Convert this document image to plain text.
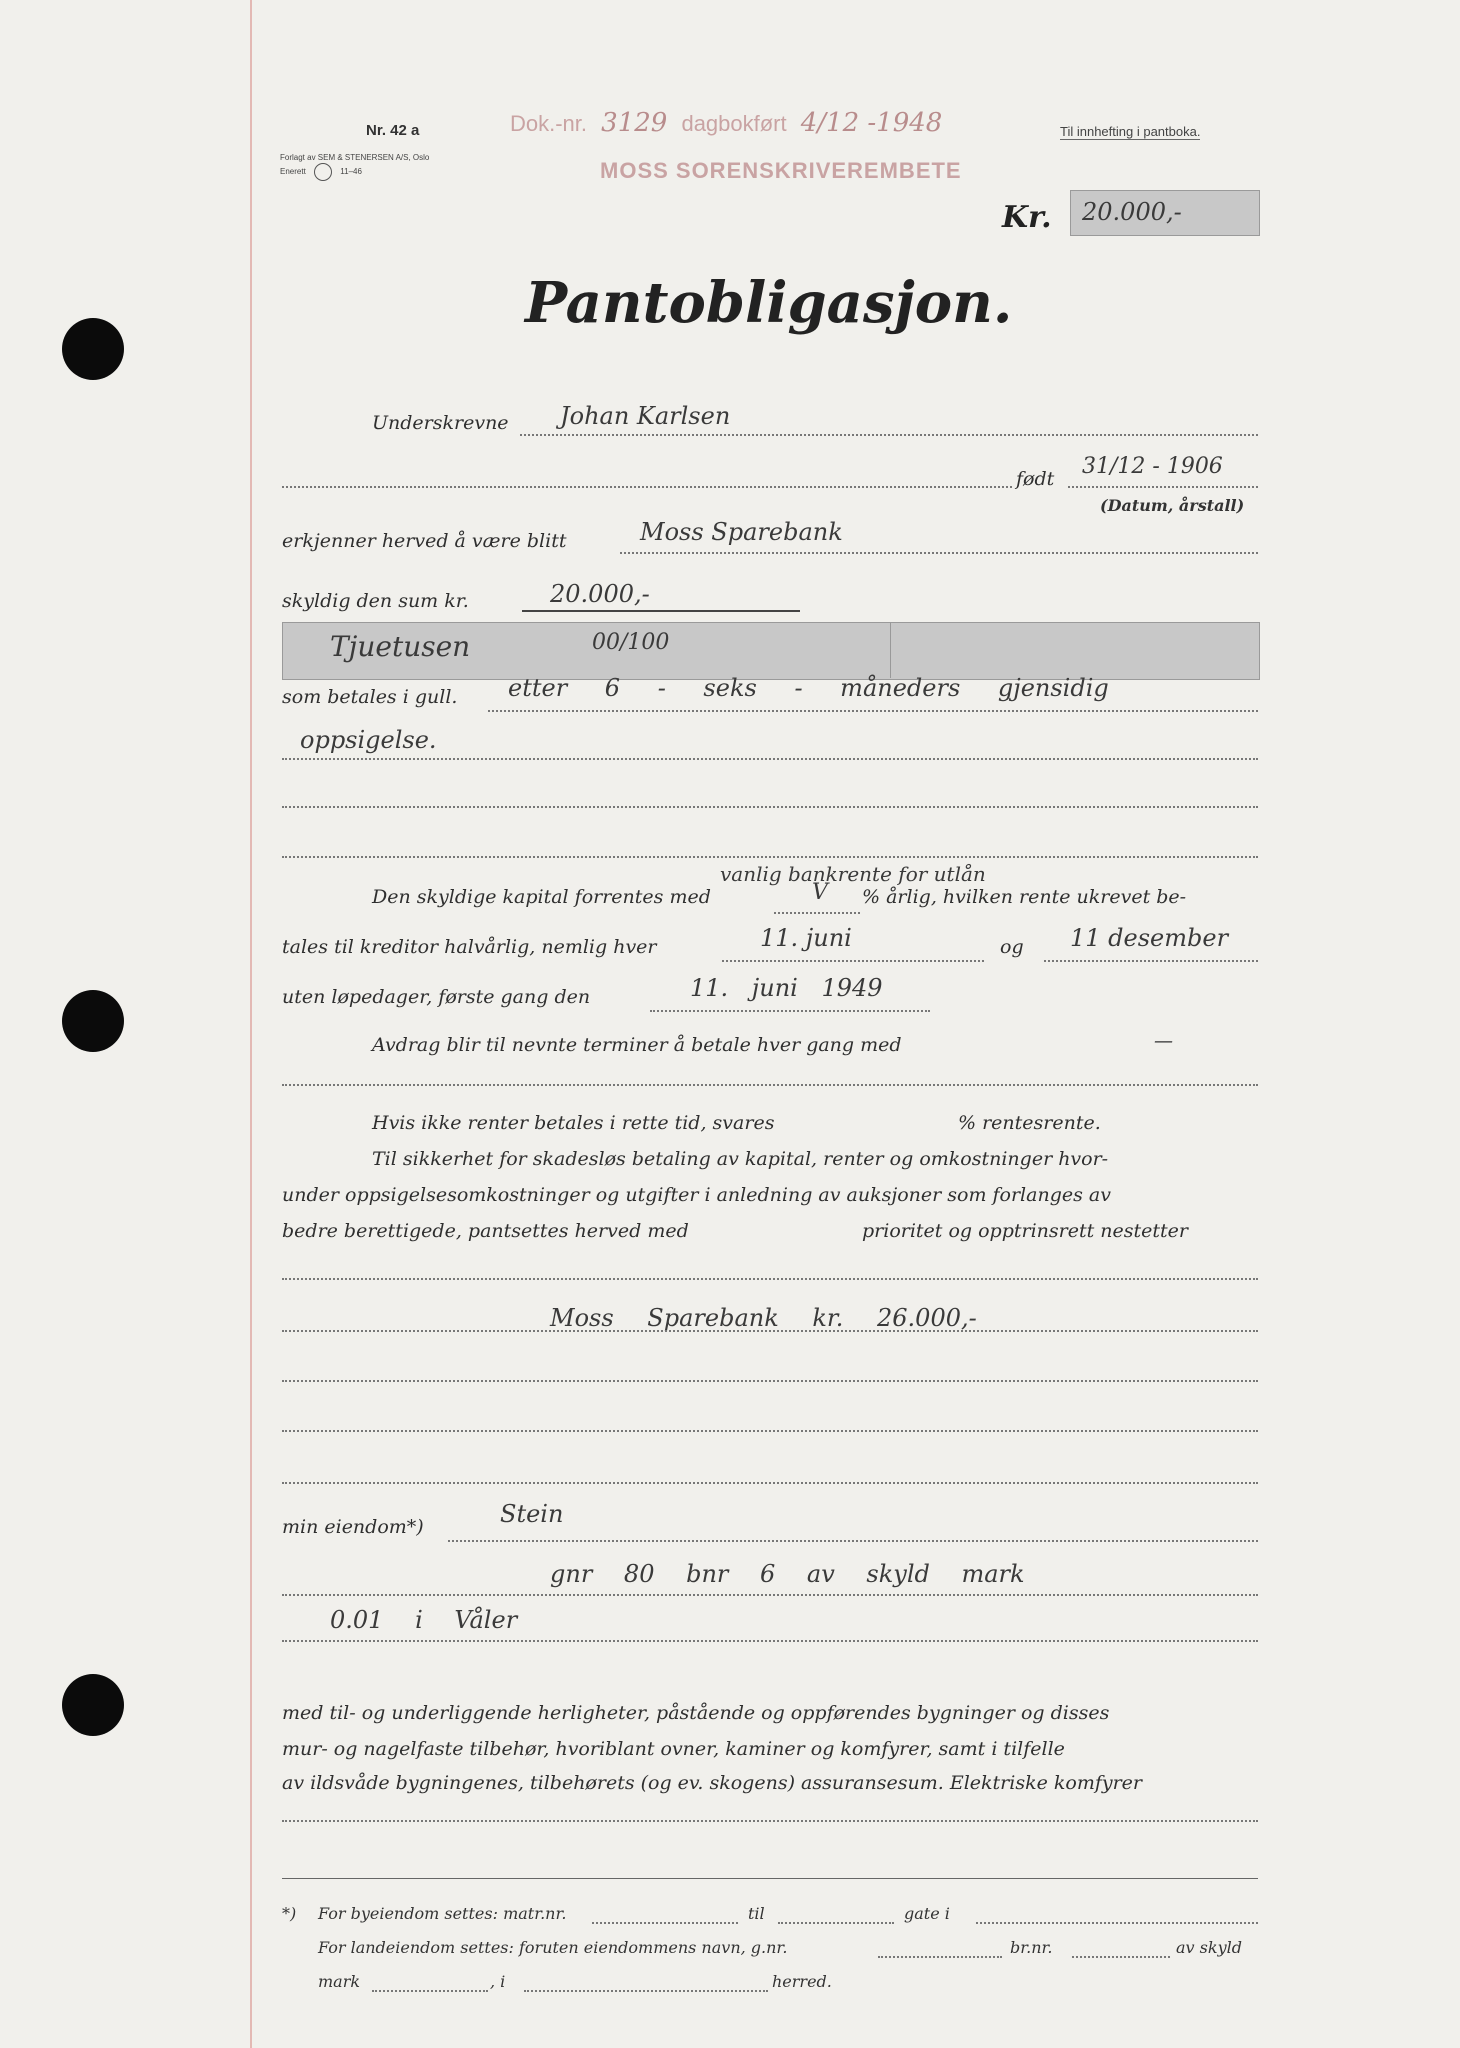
Nr. 42 a
Forlagt av SEM & STENERSEN A/S, Oslo
Enerett	11–46
Dok.-nr. 3129 dagbokført 4/12 -1948	Til innhefting i pantboka.
MOSS SORENSKRIVEREMBETE
Kr. 20.000,-
Pantobligasjon.
Underskrevne Johan Karlsen
født 31/12 - 1906
(Datum, årstall)
erkjenner herved å være blitt	Moss Sparebank
skyldig den sum kr.	20.000,-
Tjuetusen	00/100
som betales i gull. etter 6 - seks - måneders gjensidig
oppsigelse.
vanlig bankrente for utlån
Den skyldige kapital forrentes med	V % årlig, hvilken rente ukrevet be-
tales til kreditor halvårlig, nemlig hver	11. juni	og 11 desember
uten løpedager, første gang den	11. juni 1949
Avdrag blir til nevnte terminer å betale hver gang med	—
Hvis ikke renter betales i rette tid, svares	% rentesrente.
Til sikkerhet for skadesløs betaling av kapital, renter og omkostninger hvor-
under oppsigelsesomkostninger og utgifter i anledning av auksjoner som forlanges av
bedre berettigede, pantsettes herved med	prioritet og opptrinsrett nestetter
Moss Sparebank kr. 26.000,-
min eiendom*)	Stein
gnr 80 bnr 6 av skyld mark
0.01 i Våler
med til- og underliggende herligheter, påstående og oppførendes bygninger og disses
mur- og nagelfaste tilbehør, hvoriblant ovner, kaminer og komfyrer, samt i tilfelle
av ildsvåde bygningenes, tilbehørets (og ev. skogens) assuransesum. Elektriske komfyrer
*) For byeiendom settes: matr.nr.	til	gate i
For landeiendom settes: foruten eiendommens navn, g.nr.	br.nr.	av skyld
mark	, i	herred.
